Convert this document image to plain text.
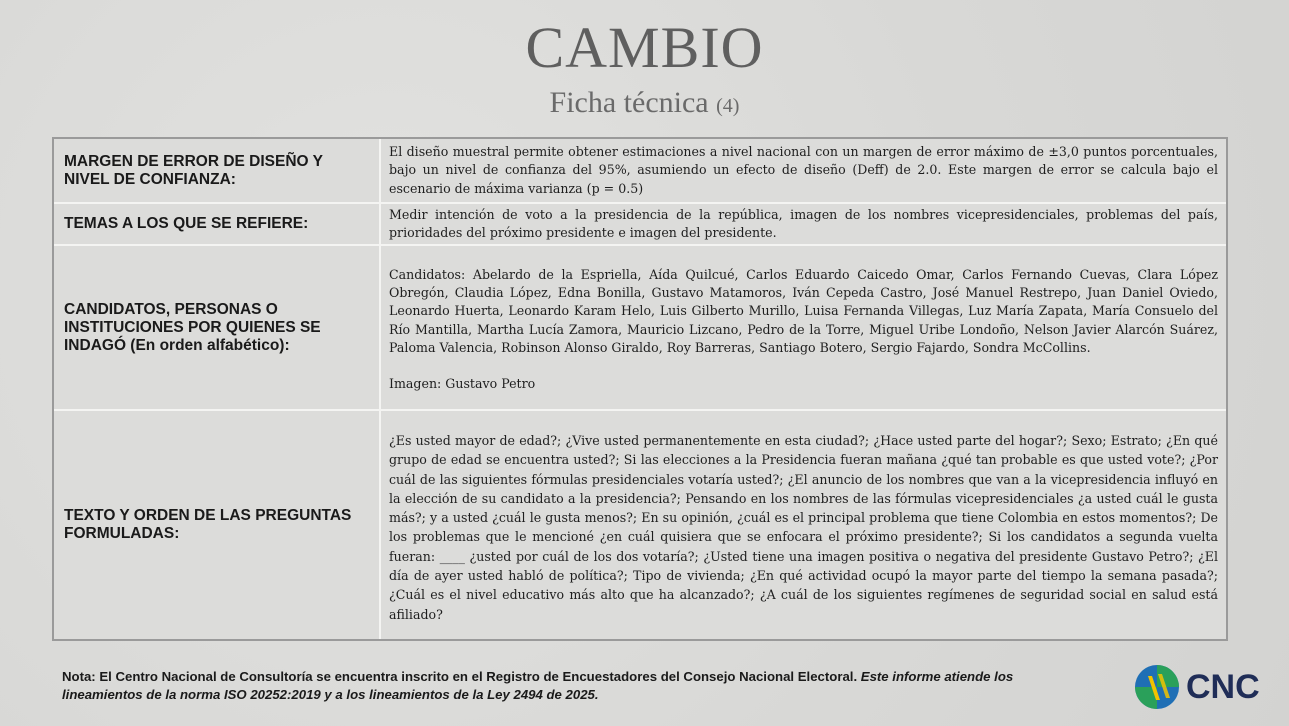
CAMBIO
Ficha técnica (4)
MARGEN DE ERROR DE DISEÑO Y NIVEL DE CONFIANZA:
El diseño muestral permite obtener estimaciones a nivel nacional con un margen de error máximo de ±3,0 puntos porcentuales, bajo un nivel de confianza del 95%, asumiendo un efecto de diseño (Deff) de 2.0. Este margen de error se calcula bajo el escenario de máxima varianza (p = 0.5)
TEMAS A LOS QUE SE REFIERE:
Medir intención de voto a la presidencia de la república, imagen de los nombres vicepresidenciales, problemas del país, prioridades del próximo presidente e imagen del presidente.
CANDIDATOS, PERSONAS O INSTITUCIONES POR QUIENES SE INDAGÓ (En orden alfabético):

Candidatos: Abelardo de la Espriella, Aída Quilcué, Carlos Eduardo Caicedo Omar, Carlos Fernando Cuevas, Clara López Obregón, Claudia López, Edna Bonilla, Gustavo Matamoros, Iván Cepeda Castro, José Manuel Restrepo, Juan Daniel Oviedo, Leonardo Huerta, Leonardo Karam Helo, Luis Gilberto Murillo, Luisa Fernanda Villegas, Luz María Zapata, María Consuelo del Río Mantilla, Martha Lucía Zamora, Mauricio Lizcano, Pedro de la Torre, Miguel Uribe Londoño, Nelson Javier Alarcón Suárez, Paloma Valencia, Robinson Alonso Giraldo, Roy Barreras, Santiago Botero, Sergio Fajardo, Sondra McCollins.

Imagen: Gustavo Petro

TEXTO Y ORDEN DE LAS PREGUNTAS FORMULADAS:
¿Es usted mayor de edad?; ¿Vive usted permanentemente en esta ciudad?; ¿Hace usted parte del hogar?; Sexo; Estrato; ¿En qué grupo de edad se encuentra usted?; Si las elecciones a la Presidencia fueran mañana ¿qué tan probable es que usted vote?; ¿Por cuál de las siguientes fórmulas presidenciales votaría usted?; ¿El anuncio de los nombres que van a la vicepresidencia influyó en la elección de su candidato a la presidencia?; Pensando en los nombres de las fórmulas vicepresidenciales ¿a usted cuál le gusta más?; y a usted ¿cuál le gusta menos?; En su opinión, ¿cuál es el principal problema que tiene Colombia en estos momentos?; De los problemas que le mencioné ¿en cuál quisiera que se enfocara el próximo presidente?; Si los candidatos a segunda vuelta fueran: ____ ¿usted por cuál de los dos votaría?; ¿Usted tiene una imagen positiva o negativa del presidente Gustavo Petro?; ¿El día de ayer usted habló de política?; Tipo de vivienda; ¿En qué actividad ocupó la mayor parte del tiempo la semana pasada?; ¿Cuál es el nivel educativo más alto que ha alcanzado?; ¿A cuál de los siguientes regímenes de seguridad social en salud está afiliado?
Nota: El Centro Nacional de Consultoría se encuentra inscrito en el Registro de Encuestadores del Consejo Nacional Electoral. Este informe atiende los lineamientos de la norma ISO 20252:2019 y a los lineamientos de la Ley 2494 de 2025.	CNC
